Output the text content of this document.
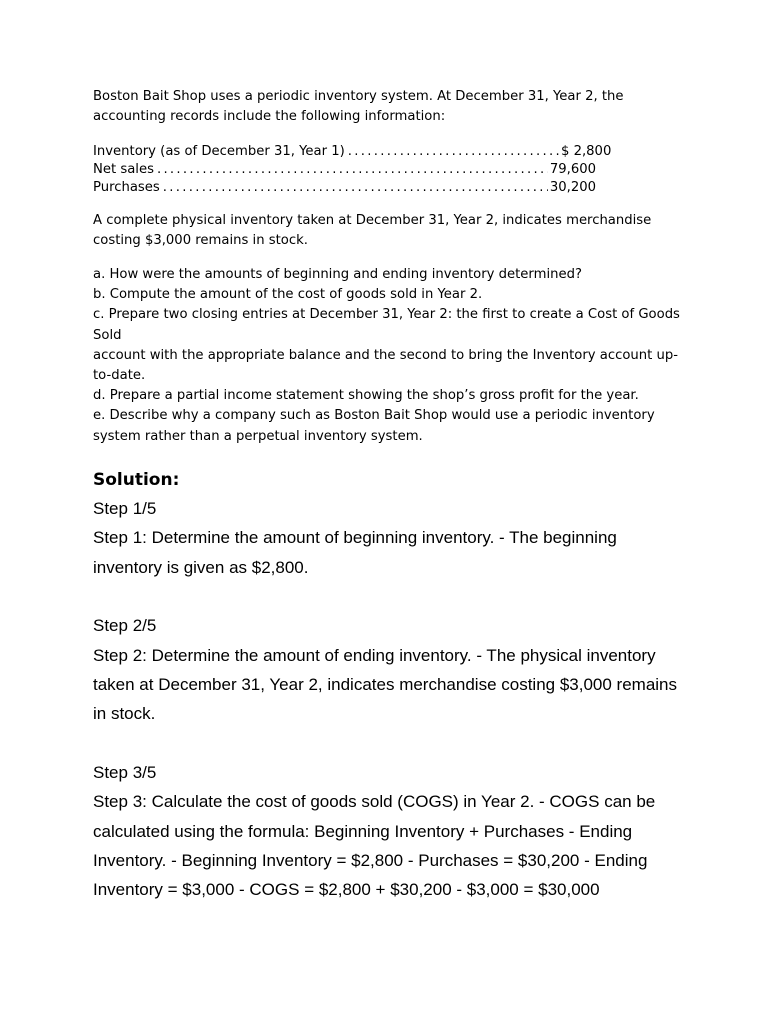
Boston Bait Shop uses a periodic inventory system. At December 31, Year 2, the accounting records include the following information:

Inventory (as of December 31, Year 1) .....	$ 2,800
Net sales .....	79,600
Purchases .....	30,200

A complete physical inventory taken at December 31, Year 2, indicates merchandise costing $3,000 remains in stock.

a. How were the amounts of beginning and ending inventory determined?

b. Compute the amount of the cost of goods sold in Year 2.

c. Prepare two closing entries at December 31, Year 2: the first to create a Cost of Goods Sold

account with the appropriate balance and the second to bring the Inventory account up-to-date.

d. Prepare a partial income statement showing the shop’s gross profit for the year.

e. Describe why a company such as Boston Bait Shop would use a periodic inventory system rather than a perpetual inventory system.

Solution:

Step 1/5

Step 1: Determine the amount of beginning inventory. - The beginning inventory is given as $2,800.

Step 2/5

Step 2: Determine the amount of ending inventory. - The physical inventory taken at December 31, Year 2, indicates merchandise costing $3,000 remains in stock.

Step 3/5

Step 3: Calculate the cost of goods sold (COGS) in Year 2. - COGS can be calculated using the formula: Beginning Inventory + Purchases - Ending Inventory. - Beginning Inventory = $2,800 - Purchases = $30,200 - Ending Inventory = $3,000 - COGS = $2,800 + $30,200 - $3,000 = $30,000
